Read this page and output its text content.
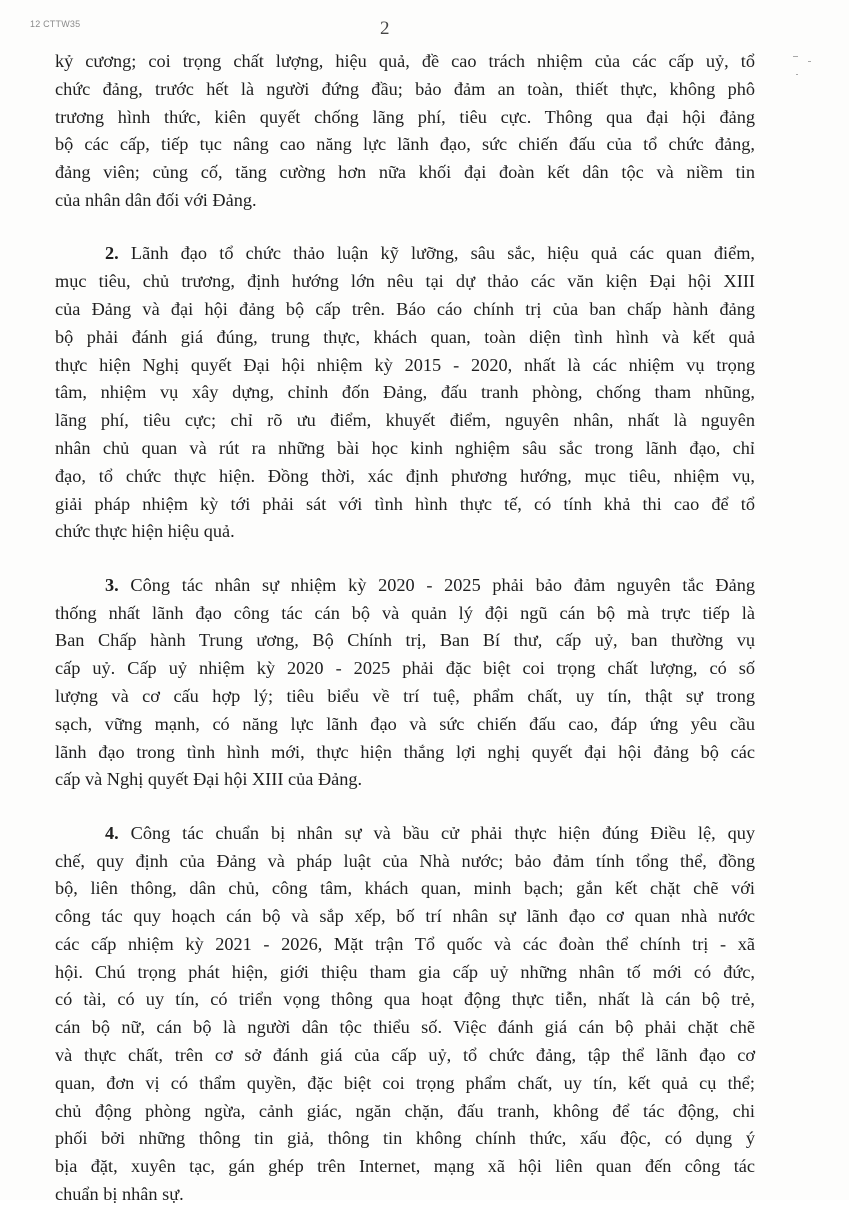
12 CTTW35	2
kỷ cương; coi trọng chất lượng, hiệu quả, đề cao trách nhiệm của các cấp uỷ, tổ
chức đảng, trước hết là người đứng đầu; bảo đảm an toàn, thiết thực, không phô
trương hình thức, kiên quyết chống lãng phí, tiêu cực. Thông qua đại hội đảng
bộ các cấp, tiếp tục nâng cao năng lực lãnh đạo, sức chiến đấu của tổ chức đảng,
đảng viên; củng cố, tăng cường hơn nữa khối đại đoàn kết dân tộc và niềm tin
của nhân dân đối với Đảng.
2. Lãnh đạo tổ chức thảo luận kỹ lưỡng, sâu sắc, hiệu quả các quan điểm,
mục tiêu, chủ trương, định hướng lớn nêu tại dự thảo các văn kiện Đại hội XIII
của Đảng và đại hội đảng bộ cấp trên. Báo cáo chính trị của ban chấp hành đảng
bộ phải đánh giá đúng, trung thực, khách quan, toàn diện tình hình và kết quả
thực hiện Nghị quyết Đại hội nhiệm kỳ 2015 - 2020, nhất là các nhiệm vụ trọng
tâm, nhiệm vụ xây dựng, chỉnh đốn Đảng, đấu tranh phòng, chống tham nhũng,
lãng phí, tiêu cực; chỉ rõ ưu điểm, khuyết điểm, nguyên nhân, nhất là nguyên
nhân chủ quan và rút ra những bài học kinh nghiệm sâu sắc trong lãnh đạo, chỉ
đạo, tổ chức thực hiện. Đồng thời, xác định phương hướng, mục tiêu, nhiệm vụ,
giải pháp nhiệm kỳ tới phải sát với tình hình thực tế, có tính khả thi cao để tổ
chức thực hiện hiệu quả.
3. Công tác nhân sự nhiệm kỳ 2020 - 2025 phải bảo đảm nguyên tắc Đảng
thống nhất lãnh đạo công tác cán bộ và quản lý đội ngũ cán bộ mà trực tiếp là
Ban Chấp hành Trung ương, Bộ Chính trị, Ban Bí thư, cấp uỷ, ban thường vụ
cấp uỷ. Cấp uỷ nhiệm kỳ 2020 - 2025 phải đặc biệt coi trọng chất lượng, có số
lượng và cơ cấu hợp lý; tiêu biểu về trí tuệ, phẩm chất, uy tín, thật sự trong
sạch, vững mạnh, có năng lực lãnh đạo và sức chiến đấu cao, đáp ứng yêu cầu
lãnh đạo trong tình hình mới, thực hiện thắng lợi nghị quyết đại hội đảng bộ các
cấp và Nghị quyết Đại hội XIII của Đảng.
4. Công tác chuẩn bị nhân sự và bầu cử phải thực hiện đúng Điều lệ, quy
chế, quy định của Đảng và pháp luật của Nhà nước; bảo đảm tính tổng thể, đồng
bộ, liên thông, dân chủ, công tâm, khách quan, minh bạch; gắn kết chặt chẽ với
công tác quy hoạch cán bộ và sắp xếp, bố trí nhân sự lãnh đạo cơ quan nhà nước
các cấp nhiệm kỳ 2021 - 2026, Mặt trận Tổ quốc và các đoàn thể chính trị - xã
hội. Chú trọng phát hiện, giới thiệu tham gia cấp uỷ những nhân tố mới có đức,
có tài, có uy tín, có triển vọng thông qua hoạt động thực tiễn, nhất là cán bộ trẻ,
cán bộ nữ, cán bộ là người dân tộc thiểu số. Việc đánh giá cán bộ phải chặt chẽ
và thực chất, trên cơ sở đánh giá của cấp uỷ, tổ chức đảng, tập thể lãnh đạo cơ
quan, đơn vị có thẩm quyền, đặc biệt coi trọng phẩm chất, uy tín, kết quả cụ thể;
chủ động phòng ngừa, cảnh giác, ngăn chặn, đấu tranh, không để tác động, chi
phối bởi những thông tin giả, thông tin không chính thức, xấu độc, có dụng ý
bịa đặt, xuyên tạc, gán ghép trên Internet, mạng xã hội liên quan đến công tác
chuẩn bị nhân sự.
